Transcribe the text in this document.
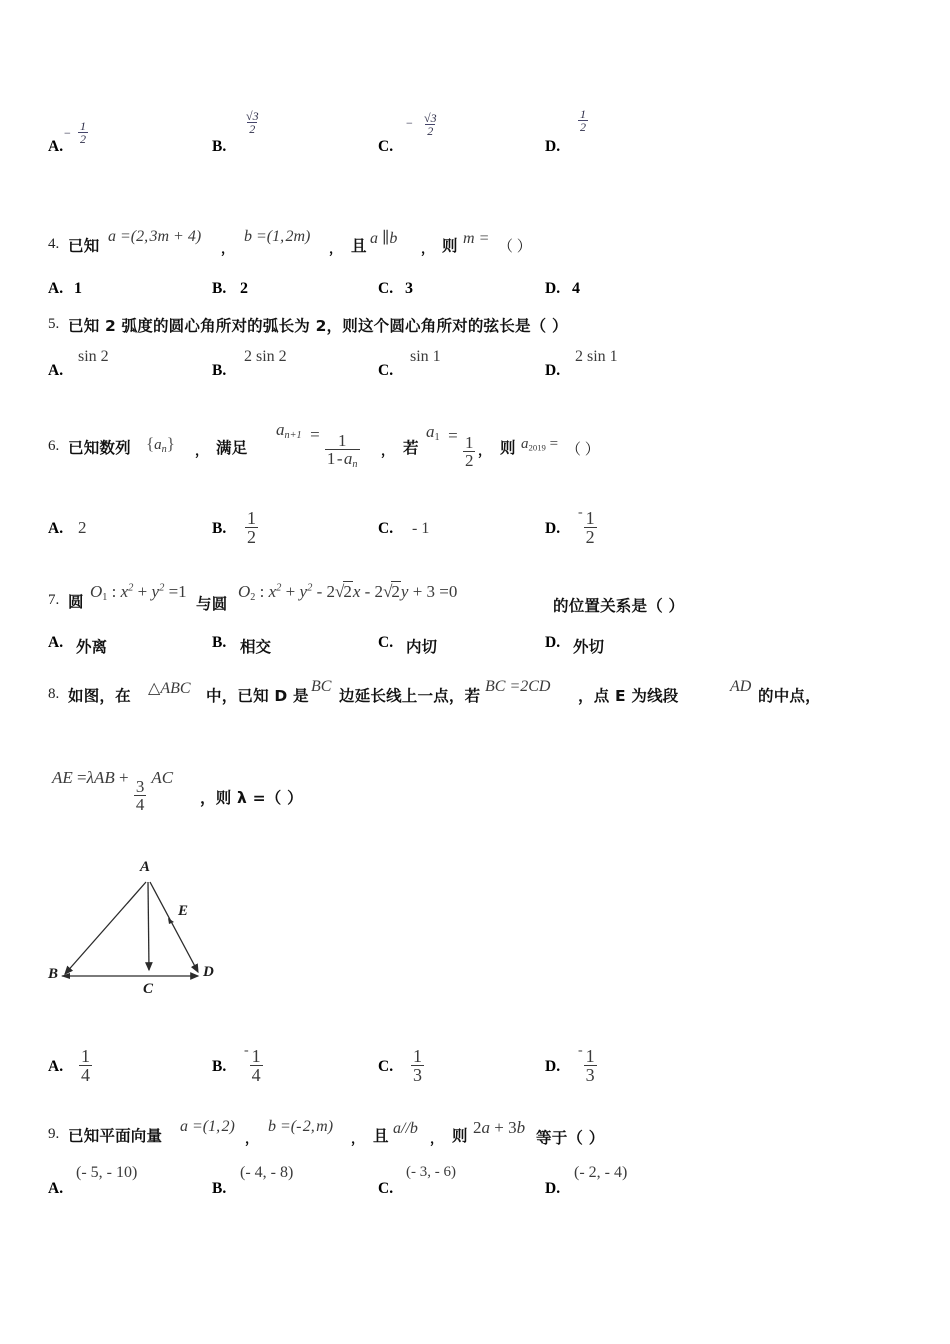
A.
$\frac{1}{2}$
−
B.
$\frac{√3}{2}$
C.
$\frac{√3}{2}$
−
D.
$\frac{1}{2}$
4. 已知
a =(2, 3m + 4)
，
b =(1, 2m)
， 且 a ∥b
， 则 m = （ ）
A. 1	B. 2	C. 3	D. 4
5. 已知 2 弧度的圆心角所对的弧长为 2，则这个圆心角所对的弦长是（ ）
A.
sin 2
B.
2 sin 2
C.
sin 1
D.
2 sin 1
6. 已知数列 $\{a_n\}$ ， 满足
$a_{n+1} = \frac{1}{1 - a_n}$ ， 若
$a_1 = \frac{1}{2}$ ， 则 $a_{2019}$ = （ ）
A. 2	B. $\frac{1}{2}$	C. - 1	D.
- $\frac{1}{2}$
7. 圆
$O_1$ : $x^2 + y^2 =1$
与圆
$O_2$ : $x^2 + y^2 - 2√2x - 2√2y + 3 =0$
的位置关系是（ ）
A. 外离	B. 相交	C. 内切	D. 外切
8. 如图，在 △ABC 中，已知 D 是
BC
边延长线上一点，若
BC =2CD
，点 E 为线段
AD
的中点，
AE $=\lambda AB + \frac{3}{4}$ AC
，则 λ =（ ）
A
B
C
D
E
A. $\frac{1}{4}$	B.
- $\frac{1}{4}$	C. $\frac{1}{3}$	D.
- $\frac{1}{3}$
9. 已知平面向量
a =(1, 2)
，
b =(- 2, m)
， 且 a//b
， 则 2a + 3b
等于（ ）
A.
(- 5, - 10)
B.
(- 4, - 8)
C.
(- 3, - 6)
D.
(- 2, - 4)
